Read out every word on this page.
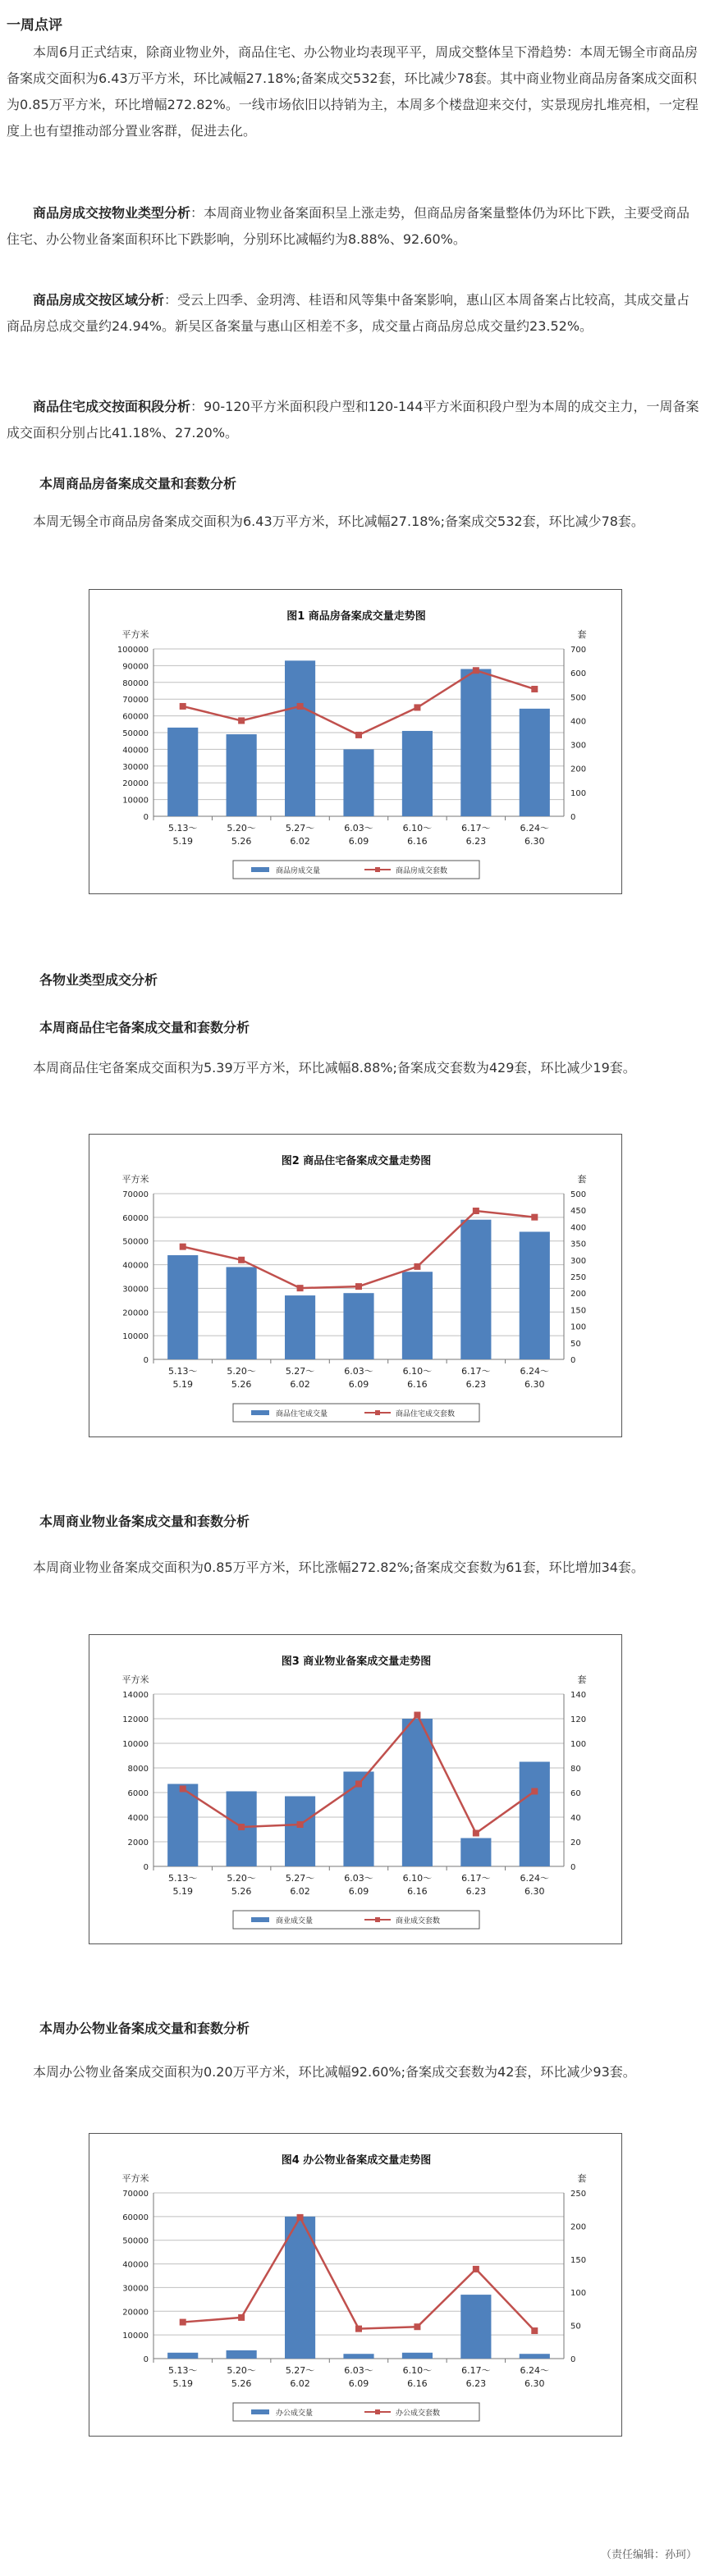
一周点评

本周6月正式结束，除商业物业外，商品住宅、办公物业均表现平平，周成交整体呈下滑趋势：本周无锡全市商品房备案成交面积为6.43万平方米，环比减幅27.18%;备案成交532套，环比减少78套。其中商业物业商品房备案成交面积为0.85万平方米，环比增幅272.82%。一线市场依旧以持销为主，本周多个楼盘迎来交付，实景现房扎堆亮相，一定程度上也有望推动部分置业客群，促进去化。

商品房成交按物业类型分析：本周商业物业备案面积呈上涨走势，但商品房备案量整体仍为环比下跌，主要受商品住宅、办公物业备案面积环比下跌影响，分别环比减幅约为8.88%、92.60%。

商品房成交按区域分析：受云上四季、金玥湾、桂语和风等集中备案影响，惠山区本周备案占比较高，其成交量占商品房总成交量约24.94%。新吴区备案量与惠山区相差不多，成交量占商品房总成交量约23.52%。

商品住宅成交按面积段分析：90-120平方米面积段户型和120-144平方米面积段户型为本周的成交主力，一周备案成交面积分别占比41.18%、27.20%。

本周商品房备案成交量和套数分析

本周无锡全市商品房备案成交面积为6.43万平方米，环比减幅27.18%;备案成交532套，环比减少78套。

图1 商品房备案成交量走势图
平方米	套
0
10000
20000
30000
40000
50000
60000
70000
80000
90000
100000
0
100
200
300
400
500
600
700
5.13～
5.19
5.20～
5.26
5.27～
6.02
6.03～
6.09
6.10～
6.16
6.17～
6.23
6.24～
6.30
商品房成交量	商品房成交套数
各物业类型成交分析
本周商品住宅备案成交量和套数分析

本周商品住宅备案成交面积为5.39万平方米，环比减幅8.88%;备案成交套数为429套，环比减少19套。

图2 商品住宅备案成交量走势图
平方米	套
0
10000
20000
30000
40000
50000
60000
70000
0
50
100
150
200
250
300
350
400
450
500
5.13～
5.19
5.20～
5.26
5.27～
6.02
6.03～
6.09
6.10～
6.16
6.17～
6.23
6.24～
6.30
商品住宅成交量	商品住宅成交套数
本周商业物业备案成交量和套数分析

本周商业物业备案成交面积为0.85万平方米，环比涨幅272.82%;备案成交套数为61套，环比增加34套。

图3 商业物业备案成交量走势图
平方米	套
0
2000
4000
6000
8000
10000
12000
14000
0
20
40
60
80
100
120
140
5.13～
5.19
5.20～
5.26
5.27～
6.02
6.03～
6.09
6.10～
6.16
6.17～
6.23
6.24～
6.30
商业成交量	商业成交套数
本周办公物业备案成交量和套数分析

本周办公物业备案成交面积为0.20万平方米，环比减幅92.60%;备案成交套数为42套，环比减少93套。

图4 办公物业备案成交量走势图
平方米	套
0
10000
20000
30000
40000
50000
60000
70000
0
50
100
150
200
250
5.13～
5.19
5.20～
5.26
5.27～
6.02
6.03～
6.09
6.10～
6.16
6.17～
6.23
6.24～
6.30
办公成交量	办公成交套数
（责任编辑：孙珂）
